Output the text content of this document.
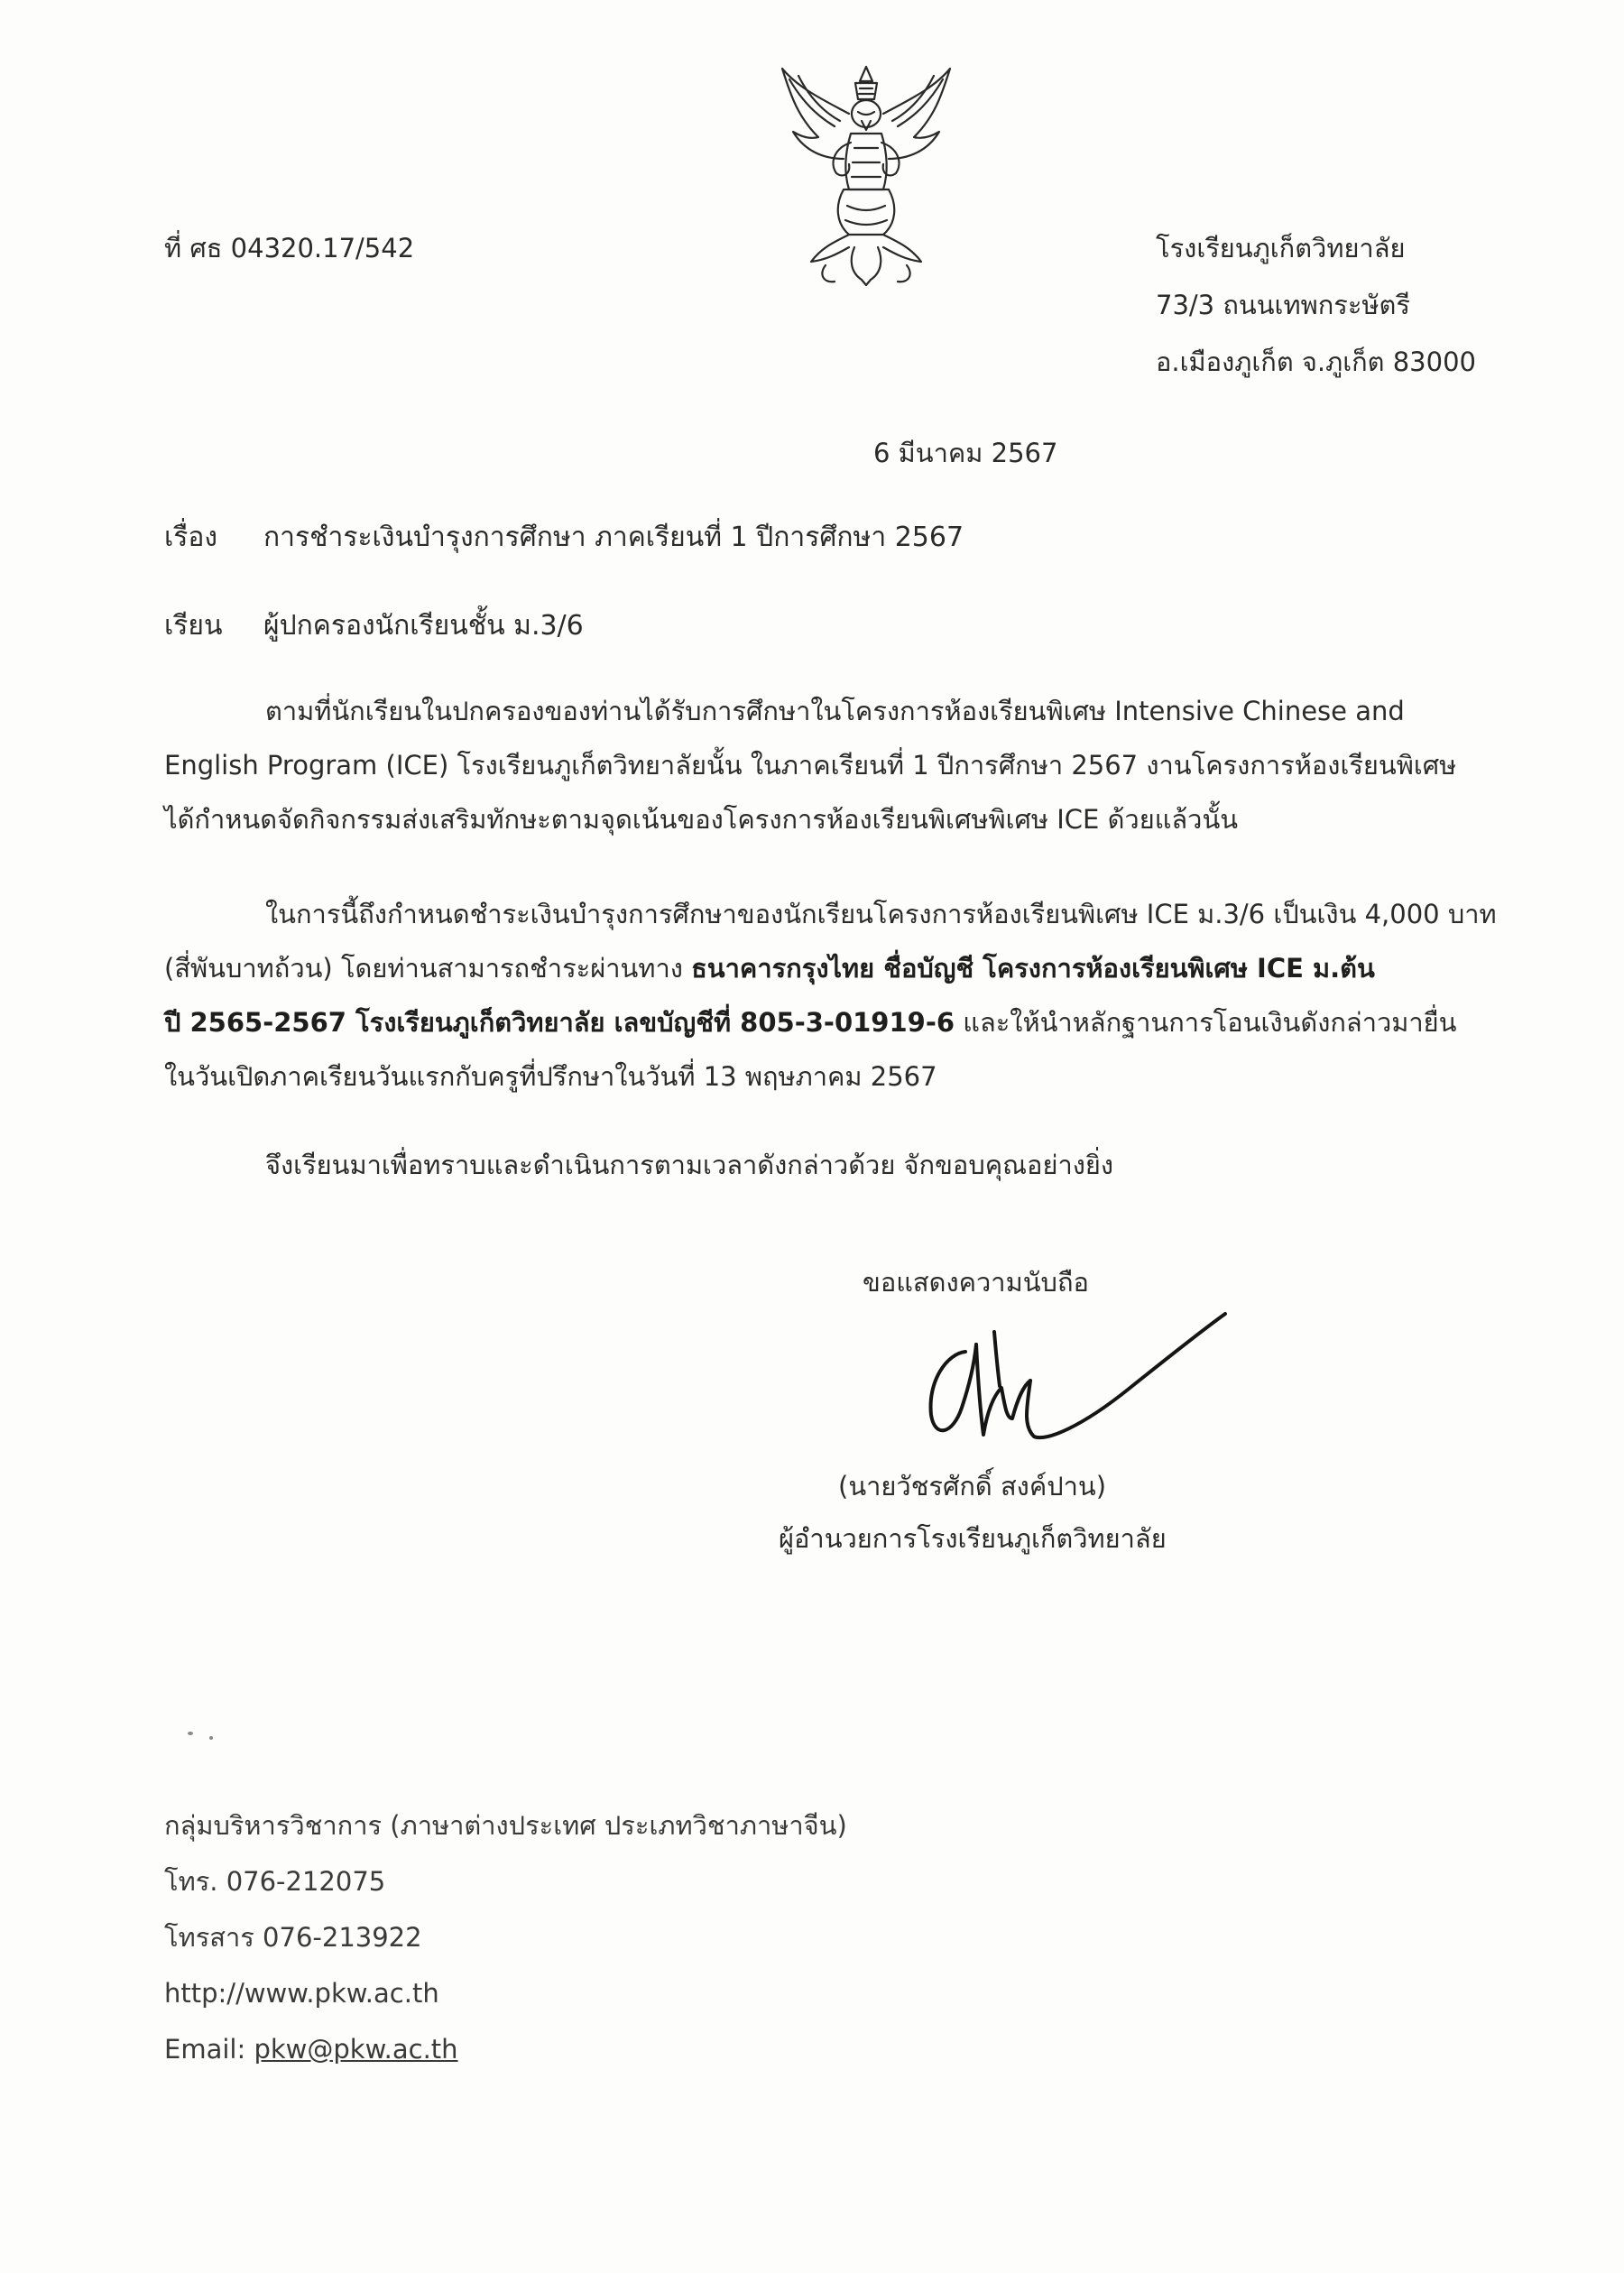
ที่ ศธ 04320.17/542	โรงเรียนภูเก็ตวิทยาลัย
73/3 ถนนเทพกระษัตรี
อ.เมืองภูเก็ต จ.ภูเก็ต 83000
6 มีนาคม 2567
เรื่อง การชำระเงินบำรุงการศึกษา ภาคเรียนที่ 1 ปีการศึกษา 2567
เรียน ผู้ปกครองนักเรียนชั้น ม.3/6

ตามที่นักเรียนในปกครองของท่านได้รับการศึกษาในโครงการห้องเรียนพิเศษ Intensive Chinese and

English Program (ICE) โรงเรียนภูเก็ตวิทยาลัยนั้น ในภาคเรียนที่ 1 ปีการศึกษา 2567 งานโครงการห้องเรียนพิเศษ

ได้กำหนดจัดกิจกรรมส่งเสริมทักษะตามจุดเน้นของโครงการห้องเรียนพิเศษพิเศษ ICE ด้วยแล้วนั้น

ในการนี้ถึงกำหนดชำระเงินบำรุงการศึกษาของนักเรียนโครงการห้องเรียนพิเศษ ICE ม.3/6 เป็นเงิน 4,000 บาท

(สี่พันบาทถ้วน) โดยท่านสามารถชำระผ่านทาง ธนาคารกรุงไทย ชื่อบัญชี โครงการห้องเรียนพิเศษ ICE ม.ต้น

ปี 2565-2567 โรงเรียนภูเก็ตวิทยาลัย เลขบัญชีที่ 805-3-01919-6 และให้นำหลักฐานการโอนเงินดังกล่าวมายื่น

ในวันเปิดภาคเรียนวันแรกกับครูที่ปรึกษาในวันที่ 13 พฤษภาคม 2567

จึงเรียนมาเพื่อทราบและดำเนินการตามเวลาดังกล่าวด้วย จักขอบคุณอย่างยิ่ง
ขอแสดงความนับถือ
(นายวัชรศักดิ์ สงค์ปาน)
ผู้อำนวยการโรงเรียนภูเก็ตวิทยาลัย
กลุ่มบริหารวิชาการ (ภาษาต่างประเทศ ประเภทวิชาภาษาจีน)
โทร. 076-212075
โทรสาร 076-213922
http://www.pkw.ac.th
Email: pkw@pkw.ac.th
